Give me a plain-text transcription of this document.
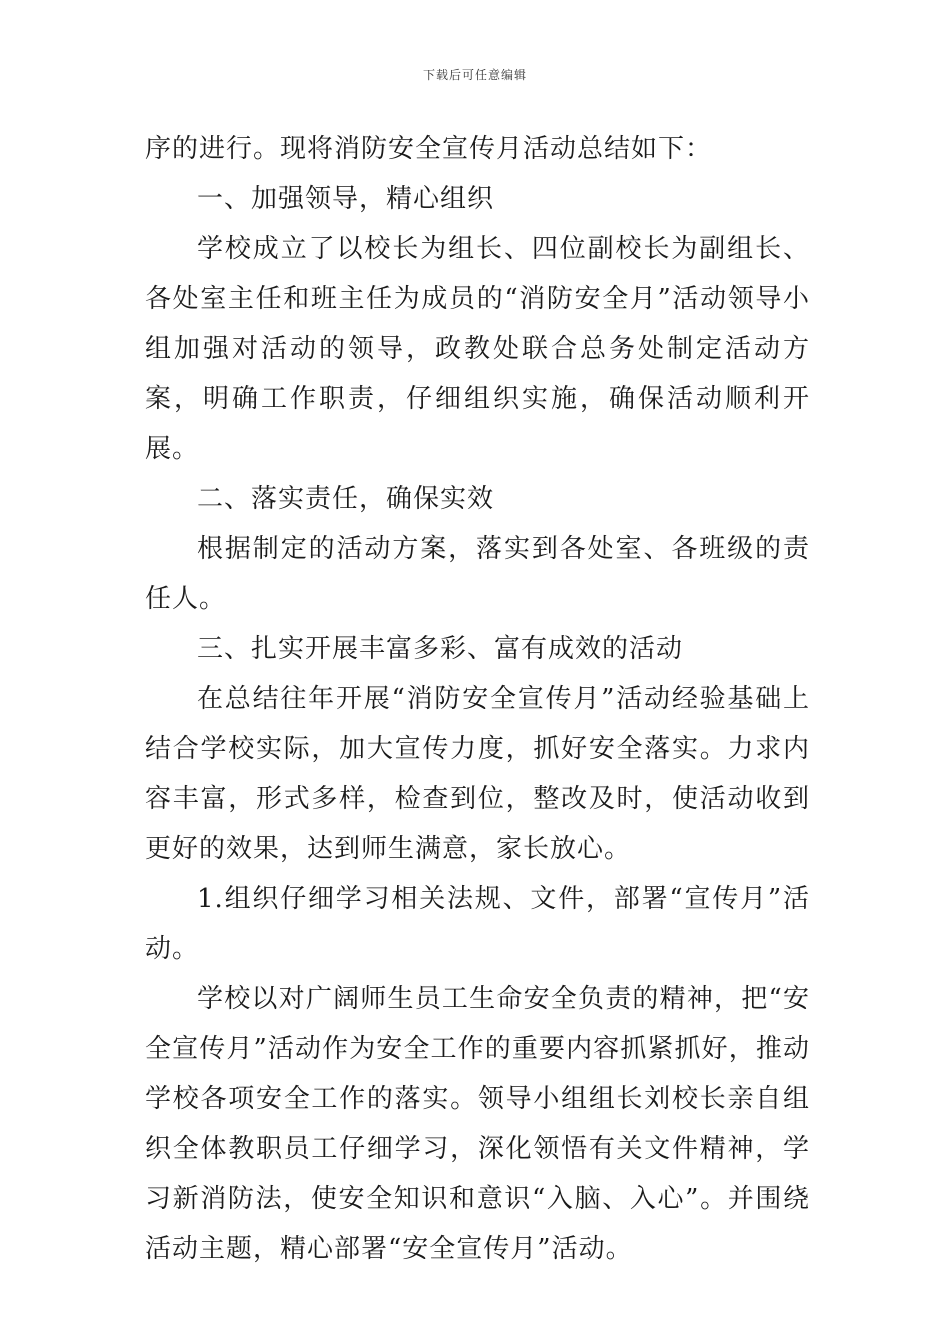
下载后可任意编辑

序的进行。现将消防安全宣传月活动总结如下：

一、加强领导，精心组织

学校成立了以校长为组长、四位副校长为副组长、各处室主任和班主任为成员的“消防安全月”活动领导小组加强对活动的领导，政教处联合总务处制定活动方案，明确工作职责，仔细组织实施，确保活动顺利开展。

二、落实责任，确保实效

根据制定的活动方案，落实到各处室、各班级的责任人。

三、扎实开展丰富多彩、富有成效的活动

在总结往年开展“消防安全宣传月”活动经验基础上结合学校实际，加大宣传力度，抓好安全落实。力求内容丰富，形式多样，检查到位，整改及时，使活动收到更好的效果，达到师生满意，家长放心。

1.组织仔细学习相关法规、文件，部署“宣传月”活动。

学校以对广阔师生员工生命安全负责的精神，把“安全宣传月”活动作为安全工作的重要内容抓紧抓好，推动学校各项安全工作的落实。领导小组组长刘校长亲自组织全体教职员工仔细学习，深化领悟有关文件精神，学习新消防法，使安全知识和意识“入脑、入心”。并围绕活动主题，精心部署“安全宣传月”活动。
